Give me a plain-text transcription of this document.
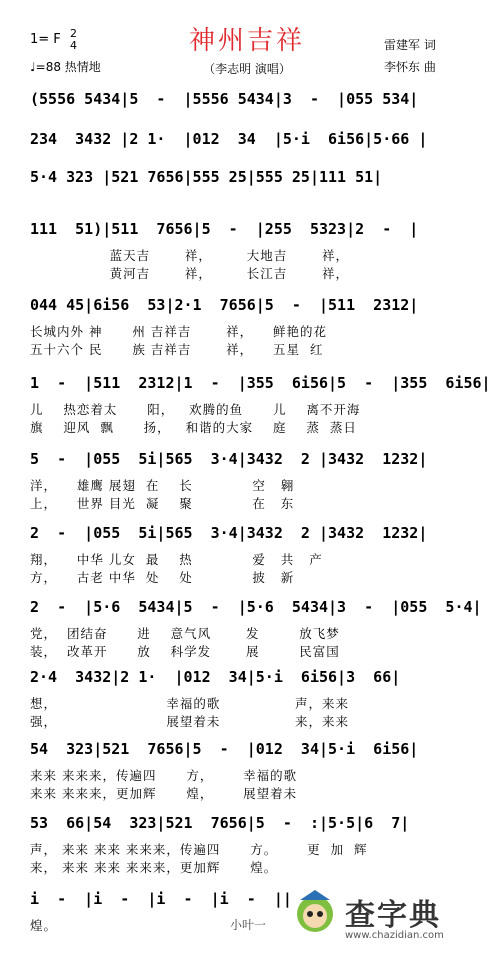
神州吉祥
（李志明 演唱）
1= F 2
4
♩=88 热情地
雷建军 词
李怀东 曲
(5556 5434|5  -  |5556 5434|3  -  |055 534|
234  3432 |2 1·  |012  34  |5·i  6i56|5·66 |
5·4 323 |521 7656|555 25|555 25|111 51|
111  51)|511  7656|5  -  |255  5323|2  -  |
蓝天吉       祥，       大地吉       祥，
黄河吉       祥，       长江吉       祥，
044 45|6i56  53|2·1  7656|5  -  |511  2312|
长城内外 神      州 吉祥吉       祥，    鲜艳的花
五十六个 民      族 吉祥吉       祥，    五星  红
1  -  |511  2312|1  -  |355  6i56|5  -  |355  6i56|
儿    热恋着太      阳，   欢腾的鱼      儿    离不开海
旗    迎风  飘      扬，   和谐的大家    庭    蒸  蒸日
5  -  |055  5i|565  3·4|3432  2 |3432  1232|
洋，    雄鹰 展翅  在    长            空   翱
上，    世界 目光  凝    聚            在   东
2  -  |055  5i|565  3·4|3432  2 |3432  1232|
翔，    中华 儿女  最    热            爱   共   产
方，    古老 中华  处    处            披   新
2  -  |5·6  5434|5  -  |5·6  5434|3  -  |055  5·4|
党，  团结奋      进    意气风       发        放飞梦
装，  改革开      放    科学发       展        民富国
2·4  3432|2 1·  |012  34|5·i  6i56|3  66|
想，                      幸福的歌               声，来来
强，                      展望着未               来，来来
54  323|521  7656|5  -  |012  34|5·i  6i56|
来来 来来来，传遍四      方，      幸福的歌
来来 来来来，更加辉      煌，      展望着未
53  66|54  323|521  7656|5  -  :|5·5|6  7|
声， 来来 来来 来来来，传遍四      方。      更  加  辉
来， 来来 来来 来来来，更加辉      煌。
i  -  |i  -  |i  -  |i  -  ||
煌。	小叶一	查字典
www.chazidian.com
